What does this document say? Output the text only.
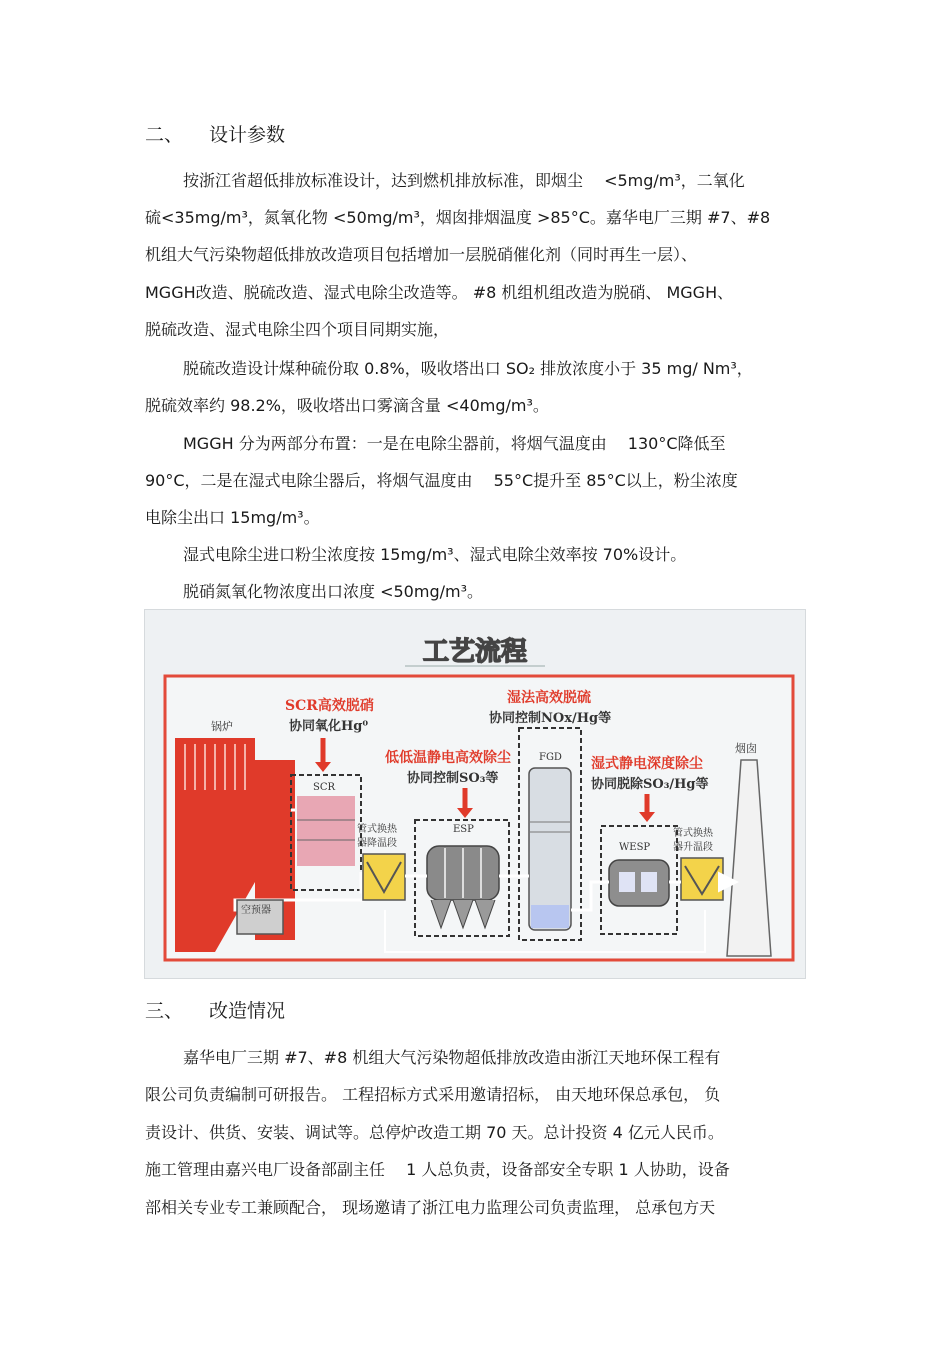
二、 设计参数
按浙江省超低排放标准设计，达到燃机排放标准，即烟尘　 <5mg/m³，二氧化
硫<35mg/m³，氮氧化物 <50mg/m³，烟囱排烟温度 >85°C。嘉华电厂三期 #7、#8
机组大气污染物超低排放改造项目包括增加一层脱硝催化剂（同时再生一层）、
MGGH改造、脱硫改造、湿式电除尘改造等。 #8 机组机组改造为脱硝、 MGGH、
脱硫改造、湿式电除尘四个项目同期实施，
脱硫改造设计煤种硫份取 0.8%，吸收塔出口 SO₂ 排放浓度小于 35 mg/ Nm³，
脱硫效率约 98.2%，吸收塔出口雾滴含量 <40mg/m³。
MGGH 分为两部分布置：一是在电除尘器前，将烟气温度由　 130°C降低至
90°C，二是在湿式电除尘器后，将烟气温度由　 55°C提升至 85°C以上，粉尘浓度
电除尘出口 15mg/m³。
湿式电除尘进口粉尘浓度按 15mg/m³、湿式电除尘效率按 70%设计。
脱硝氮氧化物浓度出口浓度 <50mg/m³。
工艺流程
锅炉
SCR高效脱硝
协同氧化Hg⁰
SCR
空预器
管式换热
器降温段
低低温静电高效除尘
协同控制SO₃等
ESP
湿法高效脱硫
协同控制NOx/Hg等
FGD 湿式静电深度除尘
协同脱除SO₃/Hg等
WESP
管式换热
器升温段
烟囱
三、 改造情况
嘉华电厂三期 #7、#8 机组大气污染物超低排放改造由浙江天地环保工程有
限公司负责编制可研报告。 工程招标方式采用邀请招标， 由天地环保总承包， 负
责设计、供货、安装、调试等。总停炉改造工期 70 天。总计投资 4 亿元人民币。
施工管理由嘉兴电厂设备部副主任　 1 人总负责，设备部安全专职 1 人协助，设备
部相关专业专工兼顾配合， 现场邀请了浙江电力监理公司负责监理， 总承包方天
